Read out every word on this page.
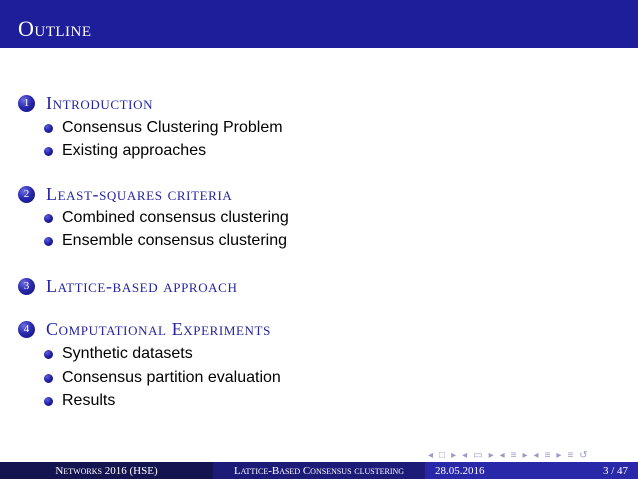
Outline
1 Introduction
Consensus Clustering Problem
Existing approaches
2 Least-squares criteria
Combined consensus clustering
Ensemble consensus clustering
3 Lattice-based approach
4 Computational Experiments
Synthetic datasets
Consensus partition evaluation
Results
◂ □ ▸ ◂ ▭ ▸ ◂ ≡ ▸ ◂ ≡ ▸ ≡ ↺
Networks 2016 (HSE)	Lattice-Based Consensus clustering	28.05.2016	3 / 47
